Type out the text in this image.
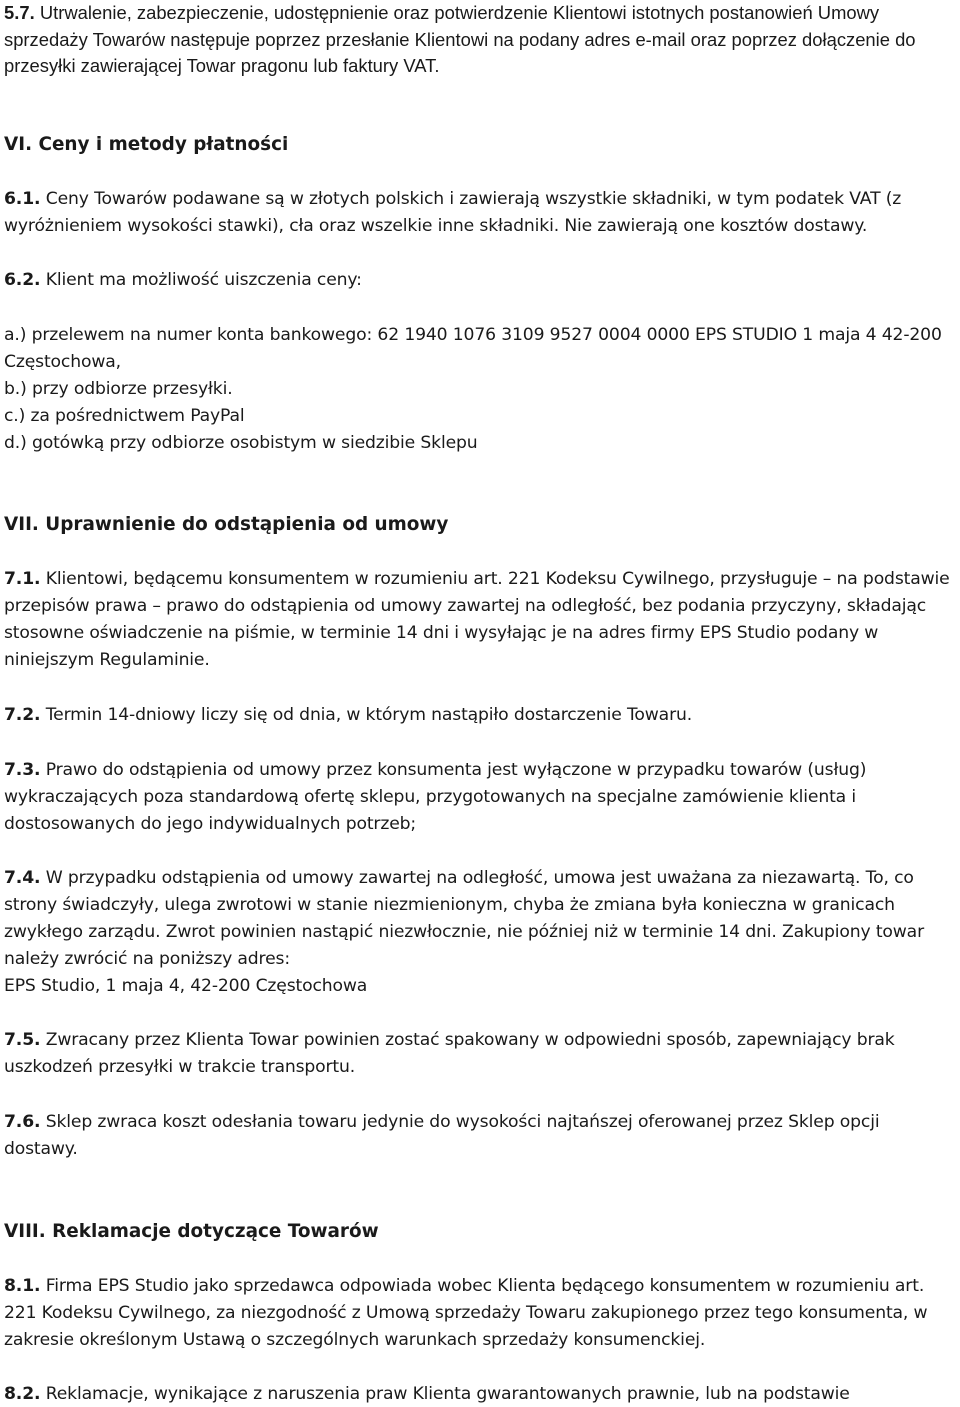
5.7. Utrwalenie, zabezpieczenie, udostępnienie oraz potwierdzenie Klientowi istotnych postanowień Umowy sprzedaży Towarów następuje poprzez przesłanie Klientowi na podany adres e-mail oraz poprzez dołączenie do przesyłki zawierającej Towar pragonu lub faktury VAT.

VI. Ceny i metody płatności

6.1. Ceny Towarów podawane są w złotych polskich i zawierają wszystkie składniki, w tym podatek VAT (z wyróżnieniem wysokości stawki), cła oraz wszelkie inne składniki. Nie zawierają one kosztów dostawy.

6.2. Klient ma możliwość uiszczenia ceny:

a.) przelewem na numer konta bankowego: 62 1940 1076 3109 9527 0004 0000 EPS STUDIO 1 maja 4 42-200 Częstochowa,
b.) przy odbiorze przesyłki.
c.) za pośrednictwem PayPal
d.) gotówką przy odbiorze osobistym w siedzibie Sklepu

VII. Uprawnienie do odstąpienia od umowy

7.1. Klientowi, będącemu konsumentem w rozumieniu art. 221 Kodeksu Cywilnego, przysługuje – na podstawie przepisów prawa – prawo do odstąpienia od umowy zawartej na odległość, bez podania przyczyny, składając stosowne oświadczenie na piśmie, w terminie 14 dni i wysyłając je na adres firmy EPS Studio podany w niniejszym Regulaminie.

7.2. Termin 14-dniowy liczy się od dnia, w którym nastąpiło dostarczenie Towaru.

7.3. Prawo do odstąpienia od umowy przez konsumenta jest wyłączone w przypadku towarów (usług) wykraczających poza standardową ofertę sklepu, przygotowanych na specjalne zamówienie klienta i dostosowanych do jego indywidualnych potrzeb;

7.4. W przypadku odstąpienia od umowy zawartej na odległość, umowa jest uważana za niezawartą. To, co strony świadczyły, ulega zwrotowi w stanie niezmienionym, chyba że zmiana była konieczna w granicach zwykłego zarządu. Zwrot powinien nastąpić niezwłocznie, nie później niż w terminie 14 dni. Zakupiony towar należy zwrócić na poniższy adres:
EPS Studio, 1 maja 4, 42-200 Częstochowa

7.5. Zwracany przez Klienta Towar powinien zostać spakowany w odpowiedni sposób, zapewniający brak uszkodzeń przesyłki w trakcie transportu.

7.6. Sklep zwraca koszt odesłania towaru jedynie do wysokości najtańszej oferowanej przez Sklep opcji dostawy.

VIII. Reklamacje dotyczące Towarów

8.1. Firma EPS Studio jako sprzedawca odpowiada wobec Klienta będącego konsumentem w rozumieniu art. 221 Kodeksu Cywilnego, za niezgodność z Umową sprzedaży Towaru zakupionego przez tego konsumenta, w zakresie określonym Ustawą o szczególnych warunkach sprzedaży konsumenckiej.

8.2. Reklamacje, wynikające z naruszenia praw Klienta gwarantowanych prawnie, lub na podstawie
